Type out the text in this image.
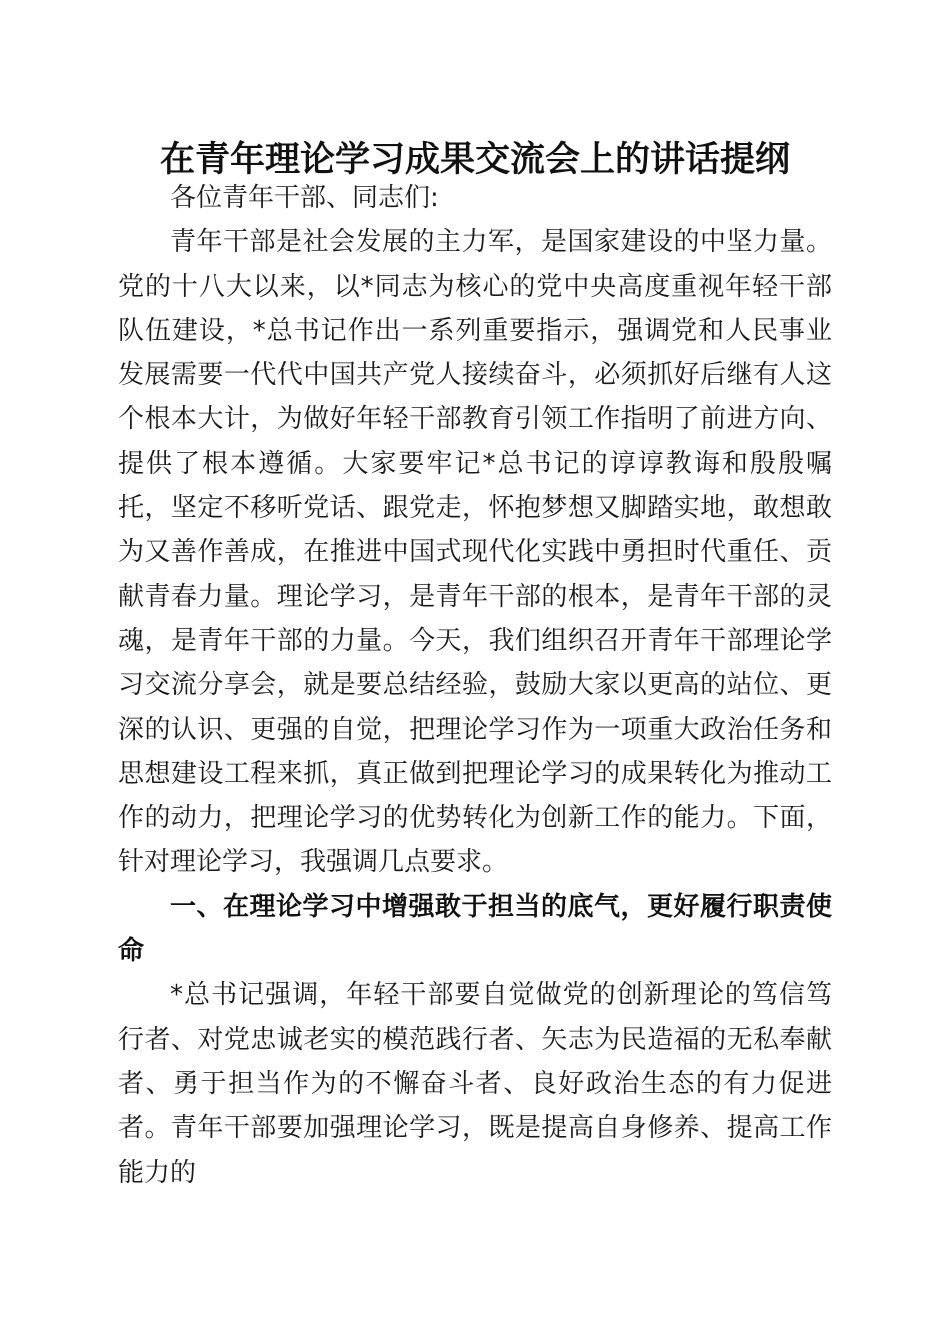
在青年理论学习成果交流会上的讲话提纲

各位青年干部、同志们:

青年干部是社会发展的主力军，是国家建设的中坚力量。党的十八大以来，以*同志为核心的党中央高度重视年轻干部队伍建设，*总书记作出一系列重要指示，强调党和人民事业发展需要一代代中国共产党人接续奋斗，必须抓好后继有人这个根本大计，为做好年轻干部教育引领工作指明了前进方向、提供了根本遵循。大家要牢记*总书记的谆谆教诲和殷殷嘱托，坚定不移听党话、跟党走，怀抱梦想又脚踏实地，敢想敢为又善作善成，在推进中国式现代化实践中勇担时代重任、贡献青春力量。理论学习，是青年干部的根本，是青年干部的灵魂，是青年干部的力量。今天，我们组织召开青年干部理论学习交流分享会，就是要总结经验，鼓励大家以更高的站位、更深的认识、更强的自觉，把理论学习作为一项重大政治任务和思想建设工程来抓，真正做到把理论学习的成果转化为推动工作的动力，把理论学习的优势转化为创新工作的能力。下面，针对理论学习，我强调几点要求。

一、在理论学习中增强敢于担当的底气，更好履行职责使命

*总书记强调，年轻干部要自觉做党的创新理论的笃信笃行者、对党忠诚老实的模范践行者、矢志为民造福的无私奉献者、勇于担当作为的不懈奋斗者、良好政治生态的有力促进者。青年干部要加强理论学习，既是提高自身修养、提高工作能力的
